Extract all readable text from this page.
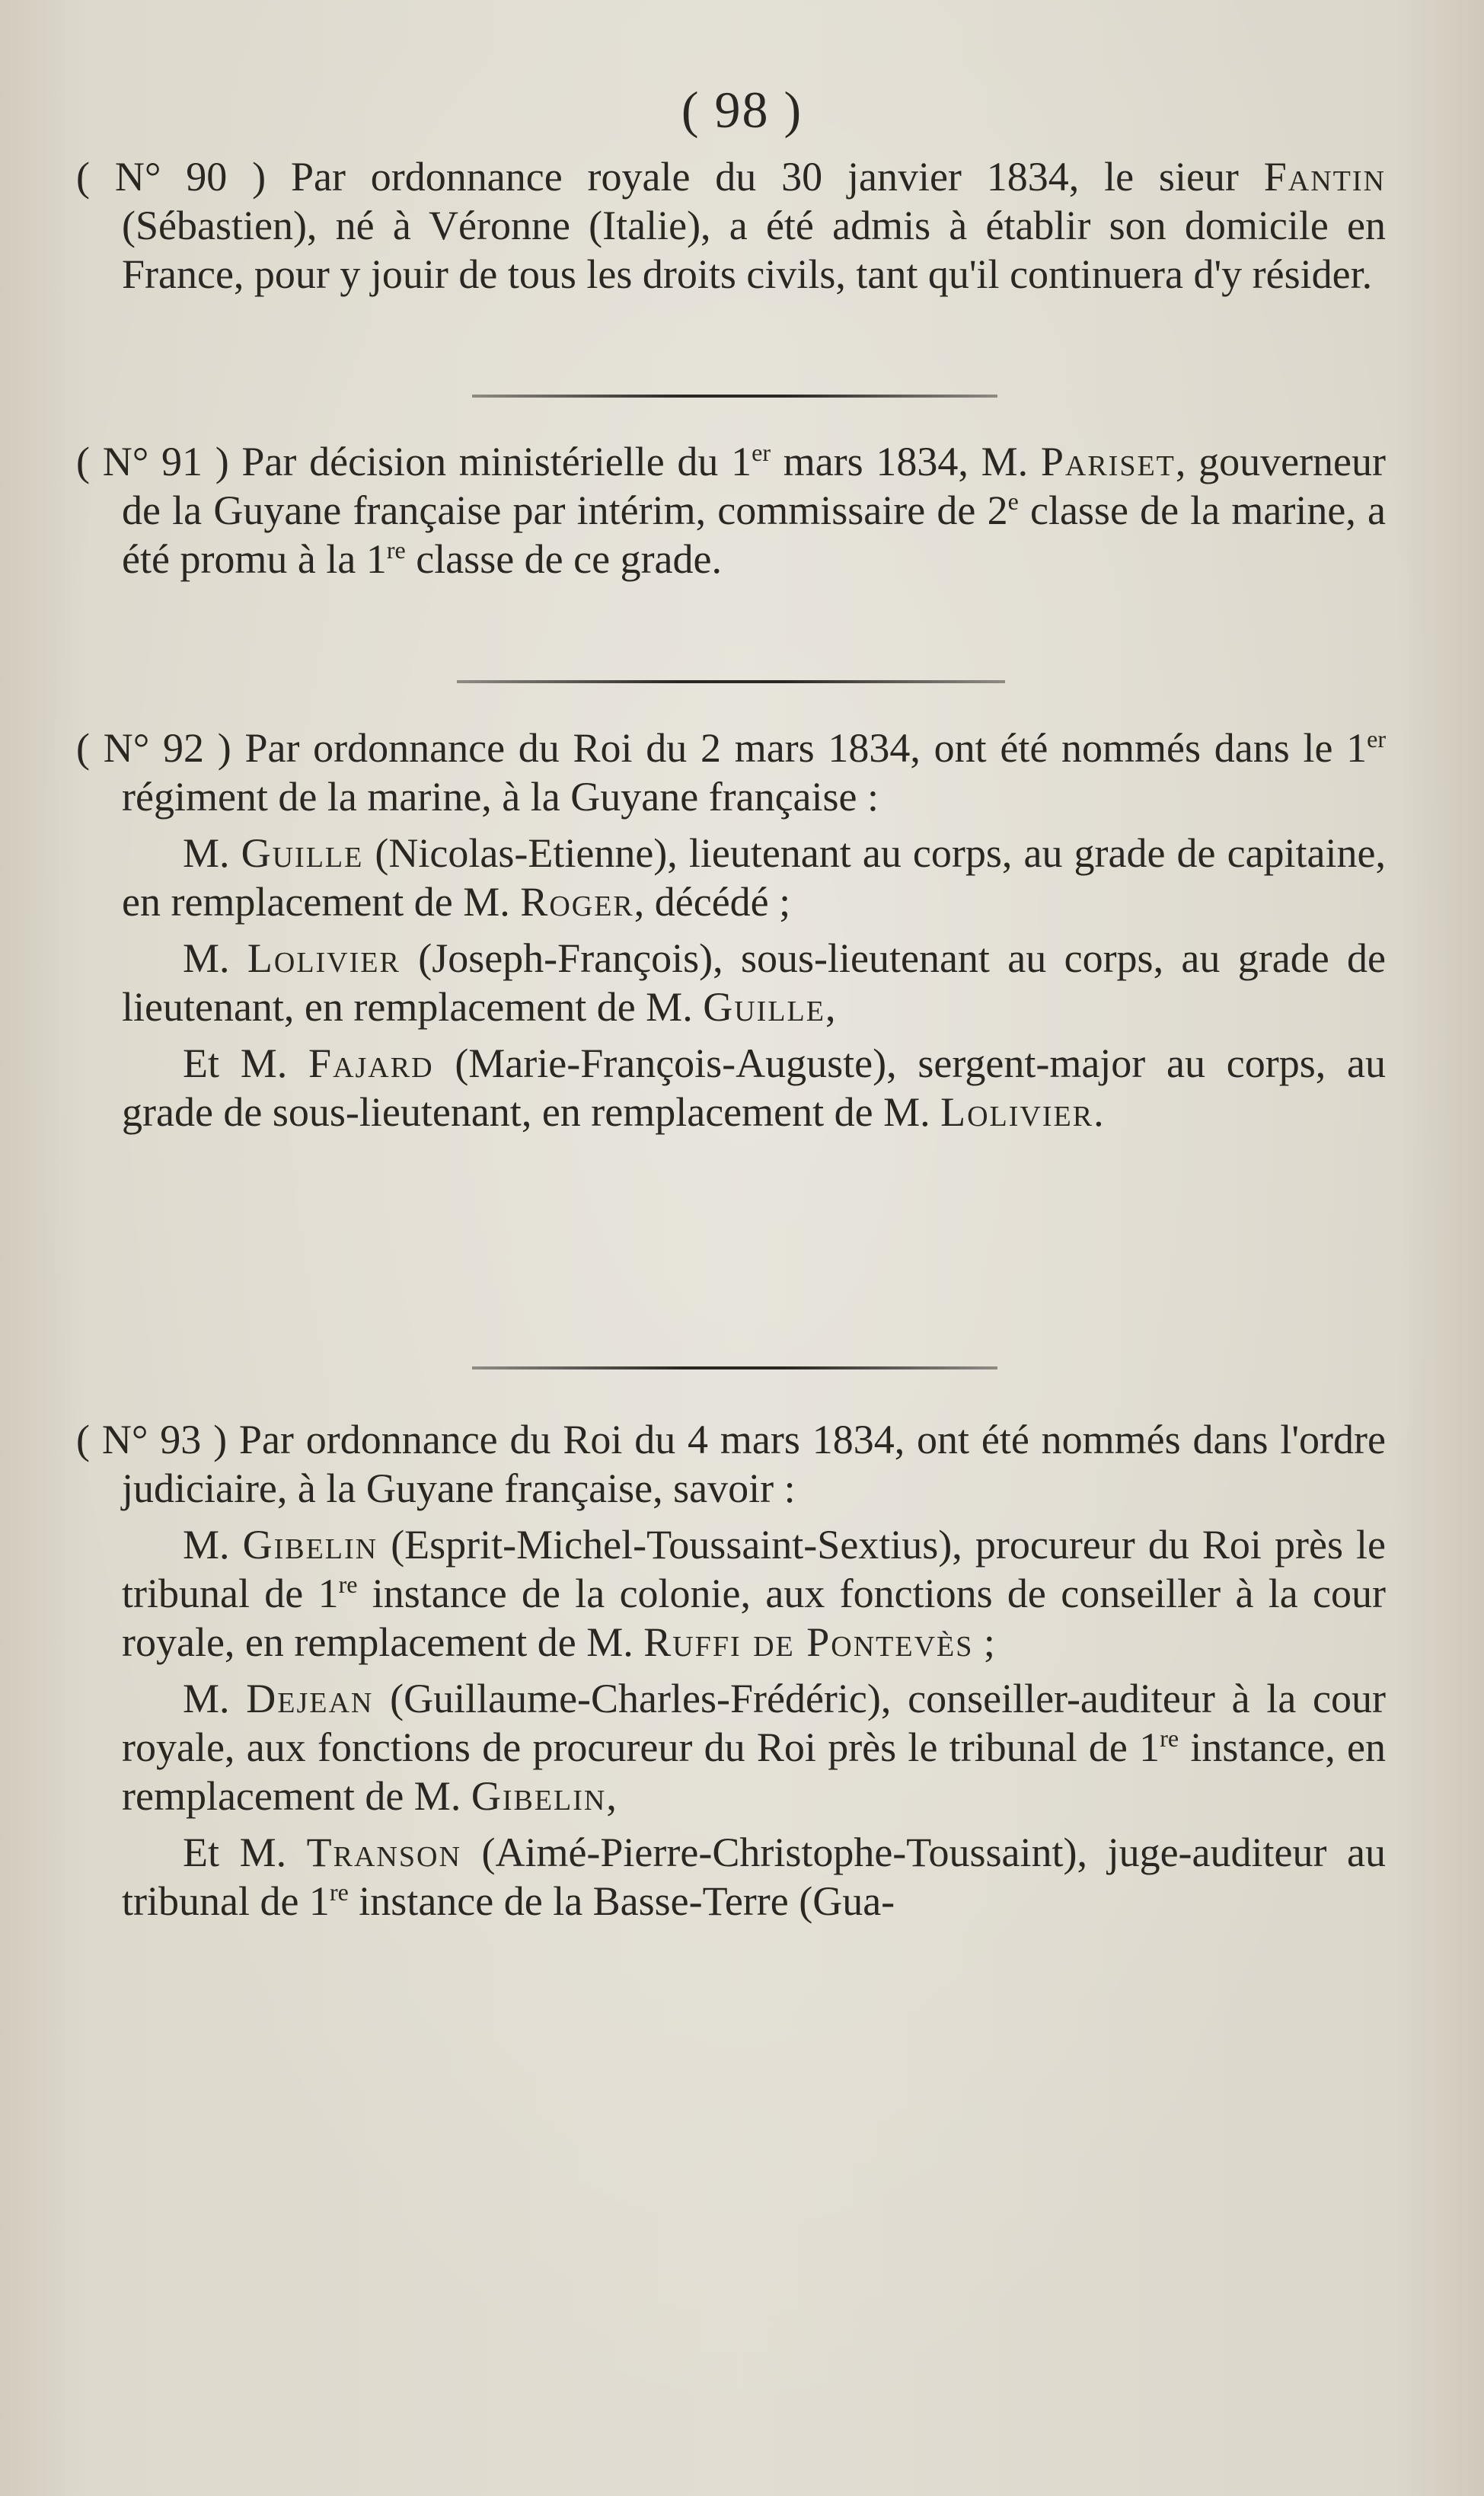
( 98 )

( N° 90 ) Par ordonnance royale du 30 janvier 1834, le sieur Fantin (Sébastien), né à Véronne (Italie), a été admis à établir son domicile en France, pour y jouir de tous les droits civils, tant qu'il continuera d'y résider.

( N° 91 ) Par décision ministérielle du 1er mars 1834, M. Pariset, gouverneur de la Guyane française par intérim, commissaire de 2e classe de la marine, a été promu à la 1re classe de ce grade.

( N° 92 ) Par ordonnance du Roi du 2 mars 1834, ont été nommés dans le 1er régiment de la marine, à la Guyane française :

M. Guille (Nicolas-Etienne), lieutenant au corps, au grade de capitaine, en remplacement de M. Roger, décédé ;

M. Lolivier (Joseph-François), sous-lieutenant au corps, au grade de lieutenant, en remplacement de M. Guille,

Et M. Fajard (Marie-François-Auguste), sergent-major au corps, au grade de sous-lieutenant, en remplacement de M. Lolivier.

( N° 93 ) Par ordonnance du Roi du 4 mars 1834, ont été nommés dans l'ordre judiciaire, à la Guyane française, savoir :

M. Gibelin (Esprit-Michel-Toussaint-Sextius), procureur du Roi près le tribunal de 1re instance de la colonie, aux fonctions de conseiller à la cour royale, en remplacement de M. Ruffi de Pontevès ;

M. Dejean (Guillaume-Charles-Frédéric), conseiller-auditeur à la cour royale, aux fonctions de procureur du Roi près le tribunal de 1re instance, en remplacement de M. Gibelin,

Et M. Transon (Aimé-Pierre-Christophe-Toussaint), juge-auditeur au tribunal de 1re instance de la Basse-Terre (Gua-
